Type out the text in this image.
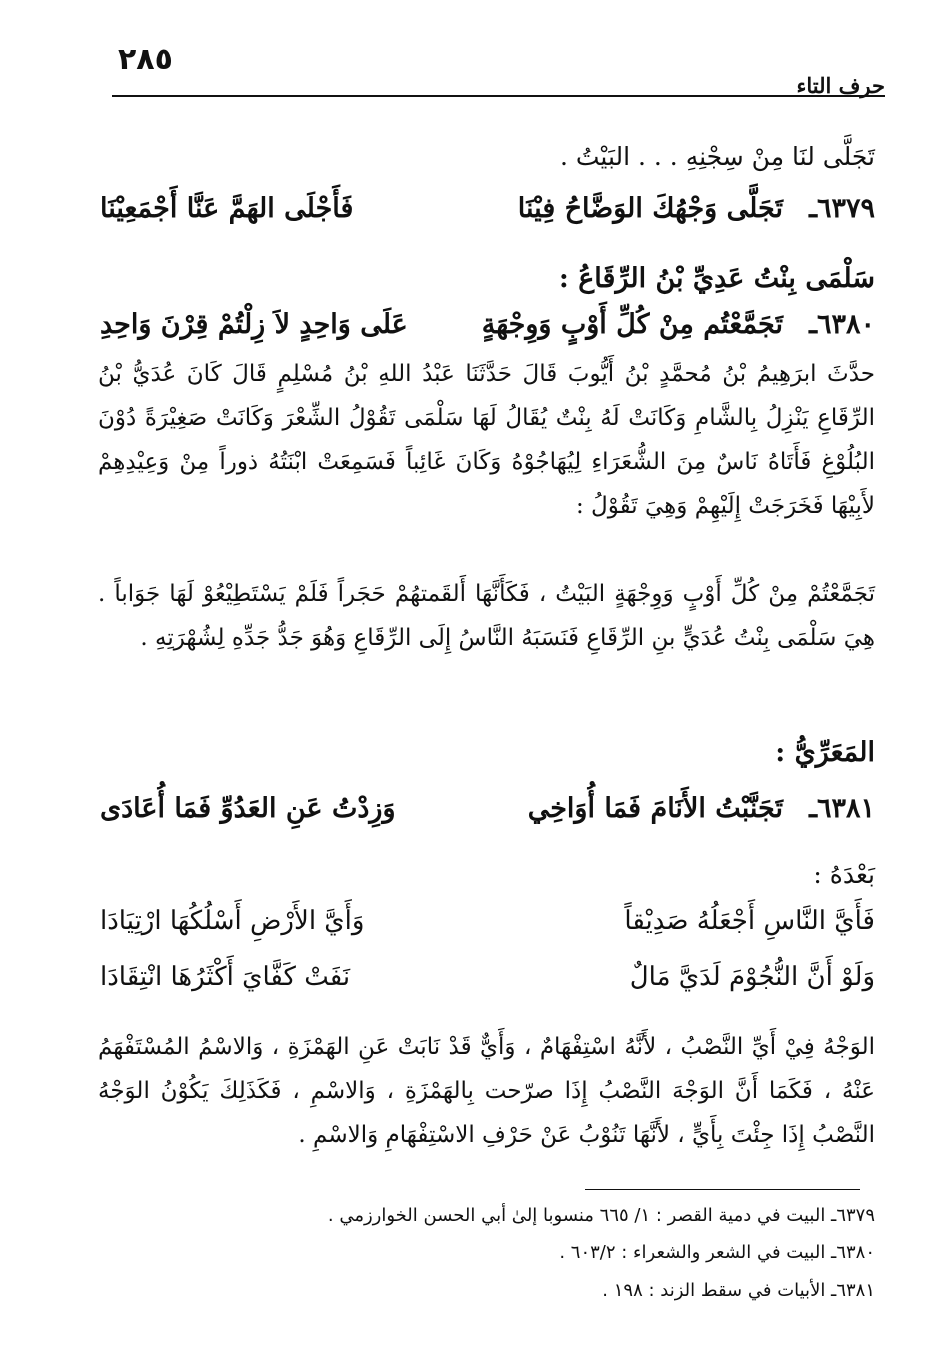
٢٨٥
حرف التاء
تَجَلَّى لنَا مِنْ سِجْنِهِ . . . البَيْتُ .
٦٣٧٩ـ
تَجَلَّى وَجْهُكَ الوَضَّاحُ فِيْنَا
فَأَجْلَى الهَمَّ عَنَّا أَجْمَعِيْنَا
سَلْمَى بِنْتُ عَدِيِّ بْنُ الرِّقَاعُ :
٦٣٨٠ـ
تَجَمَّعْتُم مِنْ كُلِّ أَوْبٍ وَوِجْهَةٍ
عَلَى وَاحِدٍ لاَ زِلْتُمْ قِرْنَ وَاحِدِ
حدَّثَ ابرَهِيمُ بْنُ مُحمَّدٍ بْنُ أَيُّوبَ قَالَ حَدَّثَنَا عَبْدُ اللهِ بْنُ مُسْلِمٍ قَالَ كَانَ عُدَيُّ بْنُ الرِّقَاعِ يَنْزِلُ بِالشَّامِ وَكَانَتْ لَهُ بِنْتٌ يُقَالُ لَهَا سَلْمَى تَقُوْلُ الشِّعْرَ وَكَانَتْ صَغِيْرَةً دُوْنَ البُلُوْغِ فَأَتَاهُ نَاسٌ مِنَ الشُّعَرَاءِ لِيُهَاجُوْهُ وَكَانَ غَائِباً فَسَمِعَتْ ابْنَتُهُ ذوراً مِنْ وَعِيْدِهِمْ لأَبِيْهَا فَخَرَجَتْ إِلَيْهِمْ وَهِيَ تَقُوْلُ :
تَجَمَّعْتُمْ مِنْ كُلِّ أَوْبٍ وَوِجْهَةٍ البَيْتُ ، فَكَأَنَّهَا أَلقَمتهُمْ حَجَراً فَلَمْ يَسْتَطِيْعُوْ لَهَا جَوَاباً . هِيَ سَلْمَى بِنْتُ عُدَيٍّ بنِ الرِّقَاعِ فَنَسَبَهُ النَّاسُ إِلَى الرِّقَاعِ وَهُوَ جَدُّ جَدِّهِ لِشُهْرَتِهِ .
المَعَرِّيُّ :
٦٣٨١ـ
تَجَنَّبْتُ الأَنَامَ فَمَا أُوَاخِي
وَزِدْتُ عَنِ العَدُوِّ فَمَا أُعَادَى
بَعْدَهُ :
فَأَيَّ النَّاسِ أَجْعَلُهُ صَدِيْقاً
وَأَيَّ الأَرْضِ أَسْلُكُهَا ارْتِيَادَا
وَلَوْ أَنَّ النُّجُوْمَ لَدَيَّ مَالٌ
نَفَتْ كَفَّايَ أَكْثَرُهَا انْتِقَادَا
الوَجْهُ فِيْ أَيِّ النَّصْبُ ، لأَنَّهُ اسْتِفْهَامٌ ، وَأَيٌّ قَدْ نَابَتْ عَنِ الهَمْزَةِ ، وَالاسْمُ المُسْتَفْهَمُ عَنْهُ ، فَكَمَا أَنَّ الوَجْهَ النَّصْبُ إِذَا صرّحت بِالهَمْزَةِ ، وَالاسْمِ ، فَكَذَلِكَ يَكُوْنُ الوَجْهُ النَّصْبُ إِذَا جِئْتَ بِأَيٍّ ، لأَنَّهَا تَنُوْبُ عَنْ حَرْفِ الاسْتِفْهَامِ وَالاسْمِ .
٦٣٧٩ـ البيت في دمية القصر : ١/ ٦٦٥ منسوبا إلىٰ أبي الحسن الخوارزمي .
٦٣٨٠ـ البيت في الشعر والشعراء : ٦٠٣/٢ .
٦٣٨١ـ الأبيات في سقط الزند : ١٩٨ .
